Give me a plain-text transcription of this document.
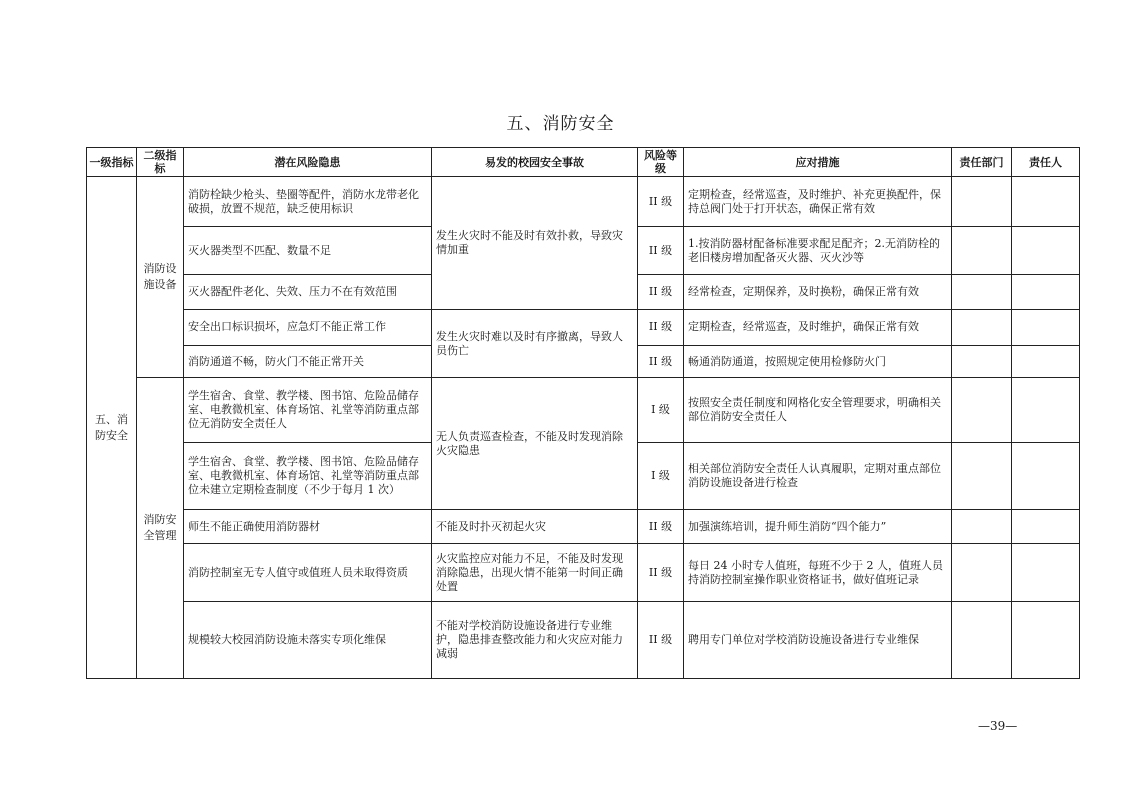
五、消防安全
一级指标	二级指标	潜在风险隐患	易发的校园安全事故	风险等级	应对措施	责任部门	责任人
五、消防安全	消防设施设备	消防栓缺少枪头、垫圈等配件，消防水龙带老化破损，放置不规范，缺乏使用标识	发生火灾时不能及时有效扑救，导致灾情加重	II 级	定期检查，经常巡查，及时维护、补充更换配件，保持总阀门处于打开状态，确保正常有效		
		灭火器类型不匹配、数量不足		II 级	1.按消防器材配备标准要求配足配齐；2.无消防栓的老旧楼房增加配备灭火器、灭火沙等		
		灭火器配件老化、失效、压力不在有效范围		II 级	经常检查，定期保养，及时换粉，确保正常有效		
		安全出口标识损坏，应急灯不能正常工作	发生火灾时难以及时有序撤离，导致人员伤亡	II 级	定期检查，经常巡查，及时维护，确保正常有效		
		消防通道不畅，防火门不能正常开关		II 级	畅通消防通道，按照规定使用检修防火门		
	消防安全管理	学生宿舍、食堂、教学楼、图书馆、危险品储存室、电教微机室、体育场馆、礼堂等消防重点部位无消防安全责任人	无人负责巡查检查，不能及时发现消除火灾隐患	I 级	按照安全责任制度和网格化安全管理要求，明确相关部位消防安全责任人		
		学生宿舍、食堂、教学楼、图书馆、危险品储存室、电教微机室、体育场馆、礼堂等消防重点部位未建立定期检查制度（不少于每月 1 次）		I 级	相关部位消防安全责任人认真履职，定期对重点部位消防设施设备进行检查		
		师生不能正确使用消防器材	不能及时扑灭初起火灾	II 级	加强演练培训，提升师生消防“四个能力”		
		消防控制室无专人值守或值班人员未取得资质	火灾监控应对能力不足，不能及时发现消除隐患，出现火情不能第一时间正确处置	II 级	每日 24 小时专人值班，每班不少于 2 人，值班人员持消防控制室操作职业资格证书，做好值班记录		
		规模较大校园消防设施未落实专项化维保	不能对学校消防设施设备进行专业维护，隐患排查整改能力和火灾应对能力减弱	II 级	聘用专门单位对学校消防设施设备进行专业维保		
—39—
